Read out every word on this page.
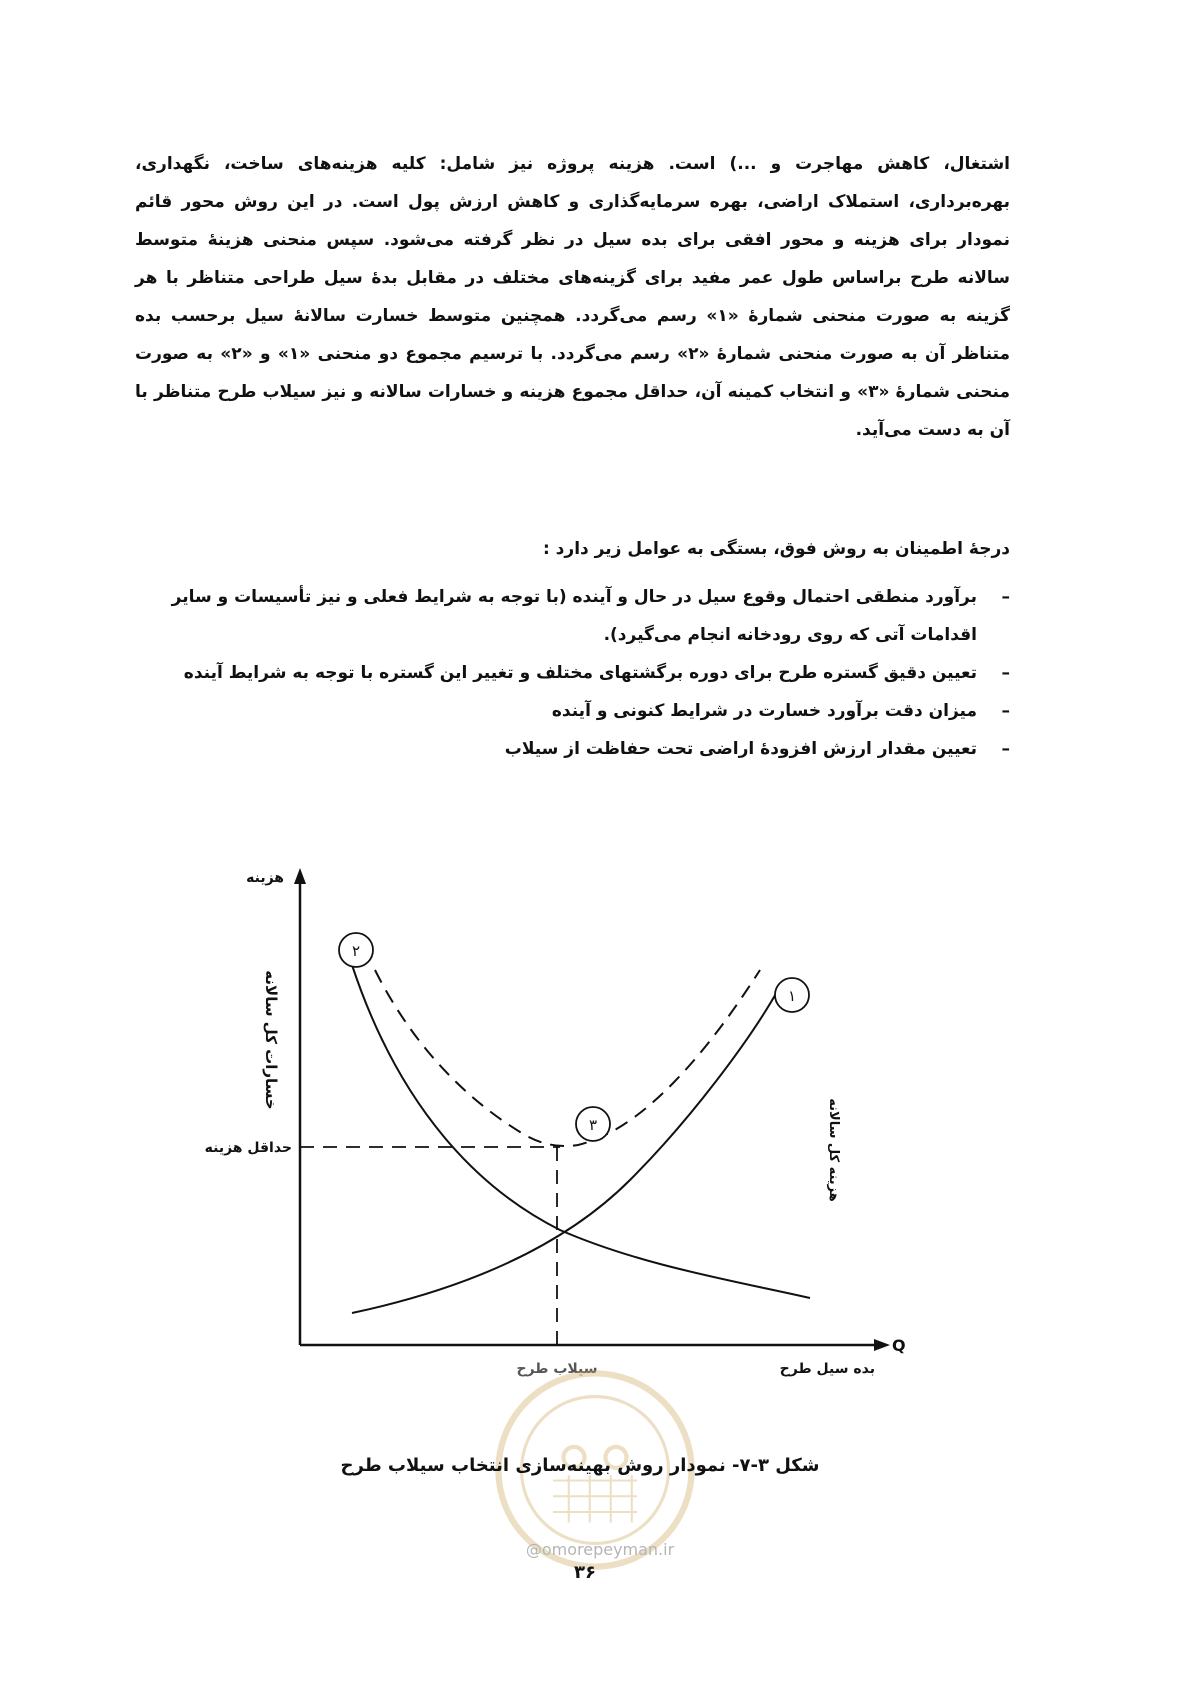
اشتغال، کاهش مهاجرت و ...) است. هزینه پروژه نیز شامل: کلیه هزینه‌های ساخت، نگهداری، بهره‌برداری، استملاک اراضی، بهره سرمایه‌گذاری و کاهش ارزش پول است. در این روش محور قائم نمودار برای هزینه و محور افقی برای بده سیل در نظر گرفته می‌شود. سپس منحنی هزینهٔ متوسط سالانه طرح براساس طول عمر مفید برای گزینه‌های مختلف در مقابل بدهٔ سیل طراحی متناظر با هر گزینه به صورت منحنی شمارهٔ «۱» رسم می‌گردد. همچنین متوسط خسارت سالانهٔ سیل برحسب بده متناظر آن به صورت منحنی شمارهٔ «۲» رسم می‌گردد. با ترسیم مجموع دو منحنی «۱» و «۲» به صورت منحنی شمارهٔ «۳» و انتخاب کمینه آن، حداقل مجموع هزینه و خسارات سالانه و نیز سیلاب طرح متناظر با آن به دست می‌آید.

درجهٔ اطمینان به روش فوق، بستگی به عوامل زیر دارد :

–
برآورد منطقی احتمال وقوع سیل در حال و آینده (با توجه به شرایط فعلی و نیز تأسیسات و سایر اقدامات آتی که روی رودخانه انجام می‌گیرد).
–
تعیین دقیق گستره طرح برای دوره برگشتهای مختلف و تغییر این گستره با توجه به شرایط آینده
–
میزان دقت برآورد خسارت در شرایط کنونی و آینده
–
تعیین مقدار ارزش افزودهٔ اراضی تحت حفاظت از سیلاب
۲
۱
۳
هزینه
بده سیل طرح
Q
حداقل هزینه
سیلاب طرح
خسارات کل سالانه
هزینه کل سالانه
@omorepeyman.ir
شکل ۳-۷- نمودار روش بهینه‌سازی انتخاب سیلاب طرح
۳۶
